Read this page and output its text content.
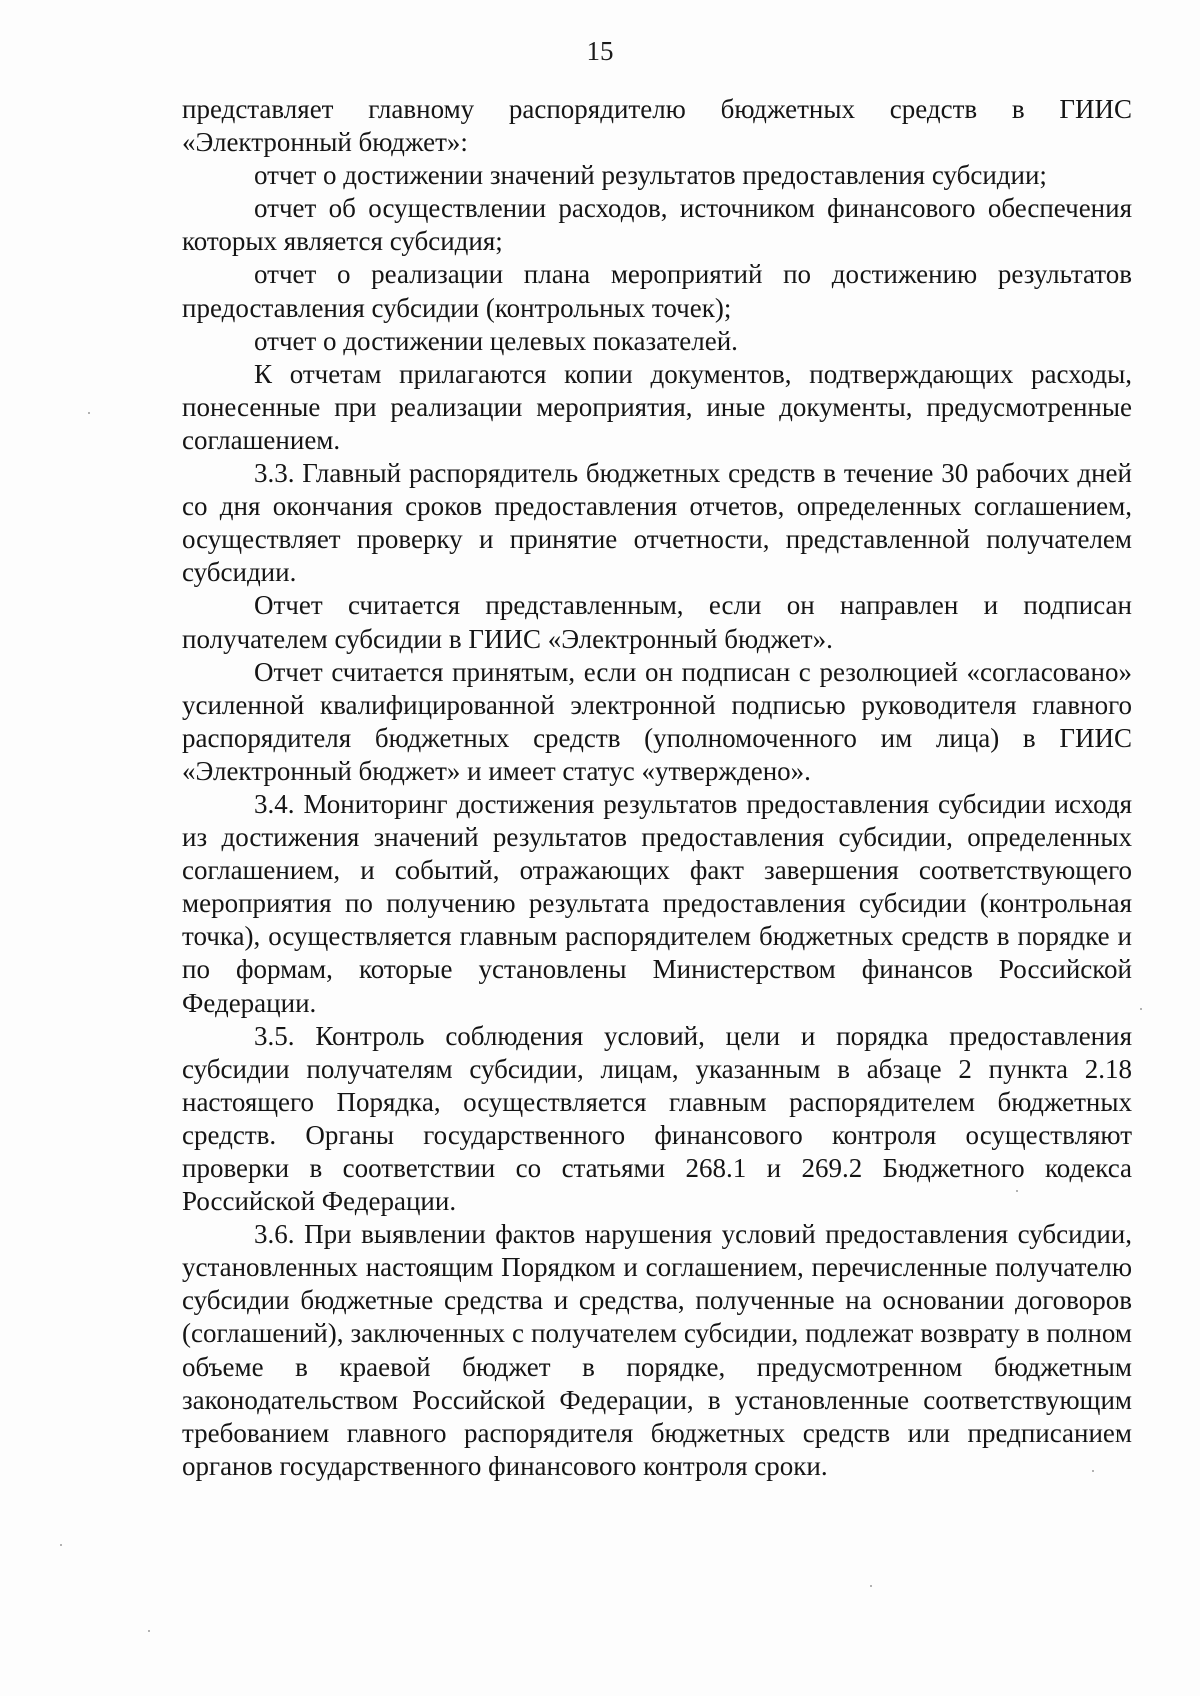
15

представляет главному распорядителю бюджетных средств в ГИИС «Электронный бюджет»:

отчет о достижении значений результатов предоставления субсидии;

отчет об осуществлении расходов, источником финансового обеспечения которых является субсидия;

отчет о реализации плана мероприятий по достижению результатов предоставления субсидии (контрольных точек);

отчет о достижении целевых показателей.

К отчетам прилагаются копии документов, подтверждающих расходы, понесенные при реализации мероприятия, иные документы, предусмотренные соглашением.

3.3. Главный распорядитель бюджетных средств в течение 30 рабочих дней со дня окончания сроков предоставления отчетов, определенных соглашением, осуществляет проверку и принятие отчетности, представленной получателем субсидии.

Отчет считается представленным, если он направлен и подписан получателем субсидии в ГИИС «Электронный бюджет».

Отчет считается принятым, если он подписан с резолюцией «согласовано» усиленной квалифицированной электронной подписью руководителя главного распорядителя бюджетных средств (уполномоченного им лица) в ГИИС «Электронный бюджет» и имеет статус «утверждено».

3.4. Мониторинг достижения результатов предоставления субсидии исходя из достижения значений результатов предоставления субсидии, определенных соглашением, и событий, отражающих факт завершения соответствующего мероприятия по получению результата предоставления субсидии (контрольная точка), осуществляется главным распорядителем бюджетных средств в порядке и по формам, которые установлены Министерством финансов Российской Федерации.

3.5. Контроль соблюдения условий, цели и порядка предоставления субсидии получателям субсидии, лицам, указанным в абзаце 2 пункта 2.18 настоящего Порядка, осуществляется главным распорядителем бюджетных средств. Органы государственного финансового контроля осуществляют проверки в соответствии со статьями 268.1 и 269.2 Бюджетного кодекса Российской Федерации.

3.6. При выявлении фактов нарушения условий предоставления субсидии, установленных настоящим Порядком и соглашением, перечисленные получателю субсидии бюджетные средства и средства, полученные на основании договоров (соглашений), заключенных с получателем субсидии, подлежат возврату в полном объеме в краевой бюджет в порядке, предусмотренном бюджетным законодательством Российской Федерации, в установленные соответствующим требованием главного распорядителя бюджетных средств или предписанием органов государственного финансового контроля сроки.
